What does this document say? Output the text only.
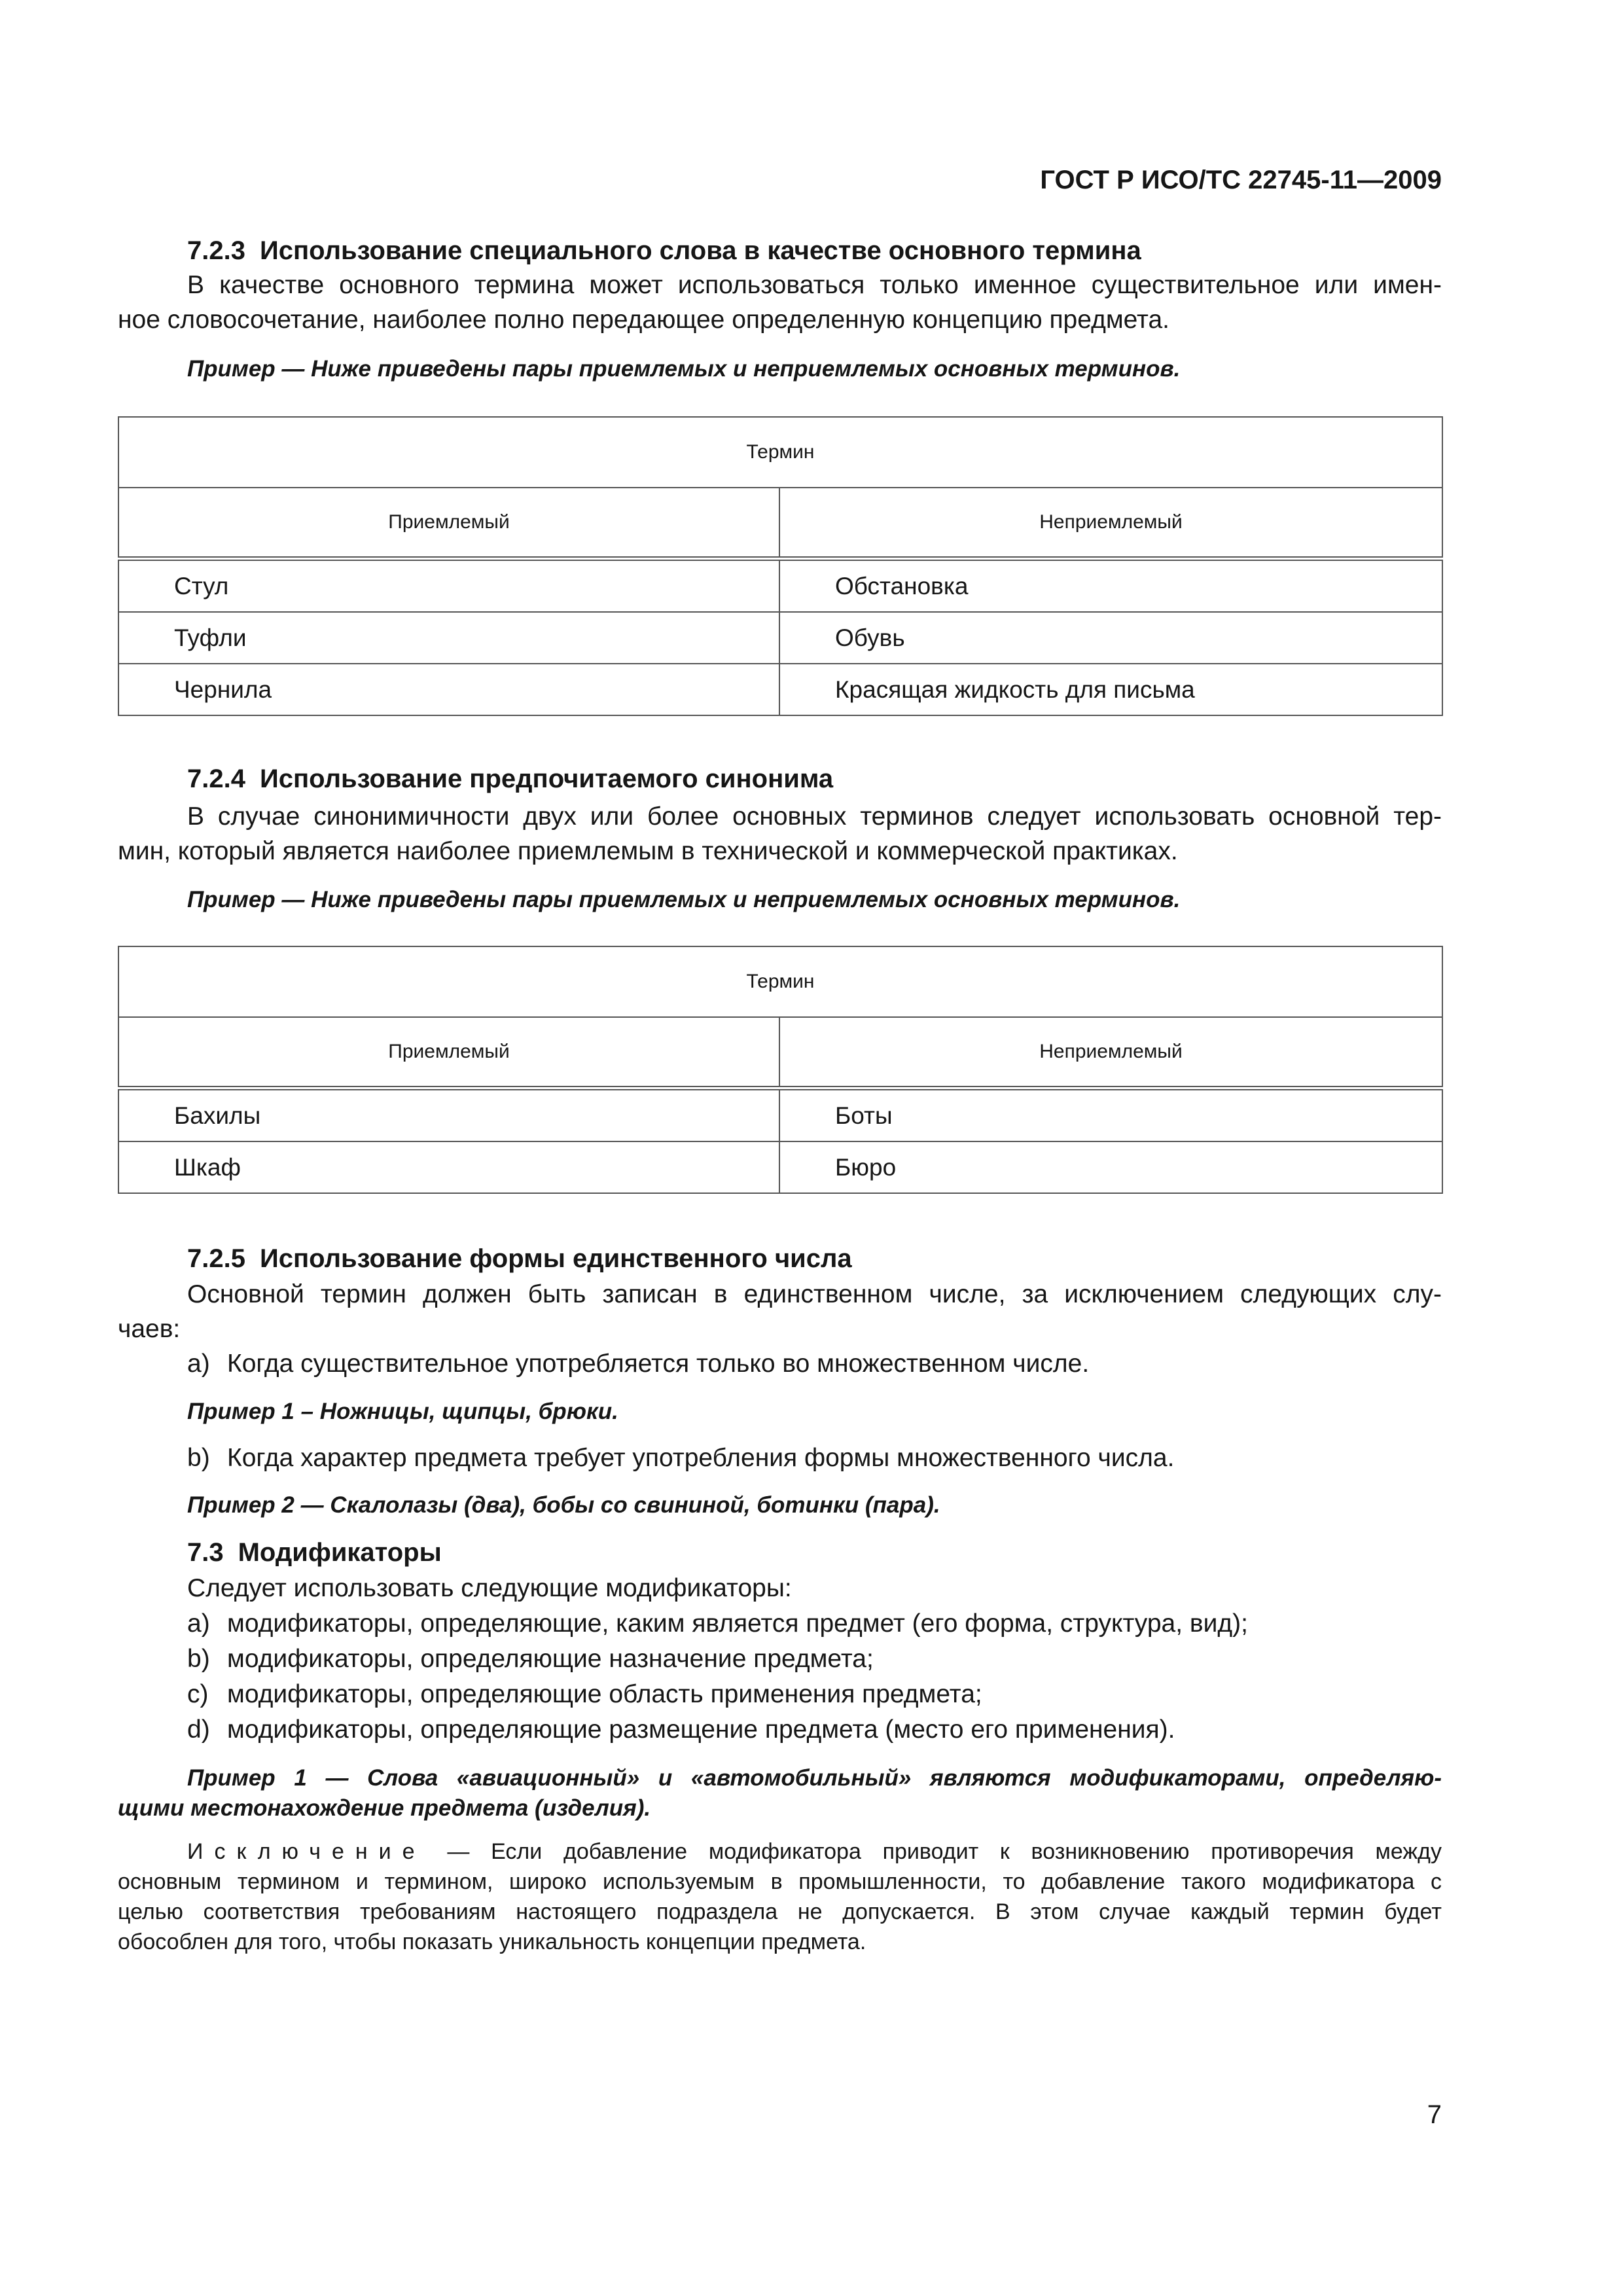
ГОСТ Р ИСО/ТС 22745-11—2009
7.2.3 Использование специального слова в качестве основного термина
В качестве основного термина может использоваться только именное существительное или имен-
ное словосочетание, наиболее полно передающее определенную концепцию предмета.
Пример — Ниже приведены пары приемлемых и неприемлемых основных терминов.
Термин	
Приемлемый	Неприемлемый
Стул	Обстановка
Туфли	Обувь
Чернила	Красящая жидкость для письма
7.2.4 Использование предпочитаемого синонима
В случае синонимичности двух или более основных терминов следует использовать основной тер-
мин, который является наиболее приемлемым в технической и коммерческой практиках.
Пример — Ниже приведены пары приемлемых и неприемлемых основных терминов.
Термин	
Приемлемый	Неприемлемый
Бахилы	Боты
Шкаф	Бюро
7.2.5 Использование формы единственного числа
Основной термин должен быть записан в единственном числе, за исключением следующих слу-
чаев:
a) Когда существительное употребляется только во множественном числе.
Пример 1 – Ножницы, щипцы, брюки.
b) Когда характер предмета требует употребления формы множественного числа.
Пример 2 — Скалолазы (два), бобы со свининой, ботинки (пара).
7.3 Модификаторы
Следует использовать следующие модификаторы:
a) модификаторы, определяющие, каким является предмет (его форма, структура, вид);
b) модификаторы, определяющие назначение предмета;
c) модификаторы, определяющие область применения предмета;
d) модификаторы, определяющие размещение предмета (место его применения).
Пример 1 — Слова «авиационный» и «автомобильный» являются модификаторами, определяю-
щими местонахождение предмета (изделия).
Исключение — Если добавление модификатора приводит к возникновению противоречия между
основным термином и термином, широко используемым в промышленности, то добавление такого модификатора с
целью соответствия требованиям настоящего подраздела не допускается. В этом случае каждый термин будет
обособлен для того, чтобы показать уникальность концепции предмета.
7
